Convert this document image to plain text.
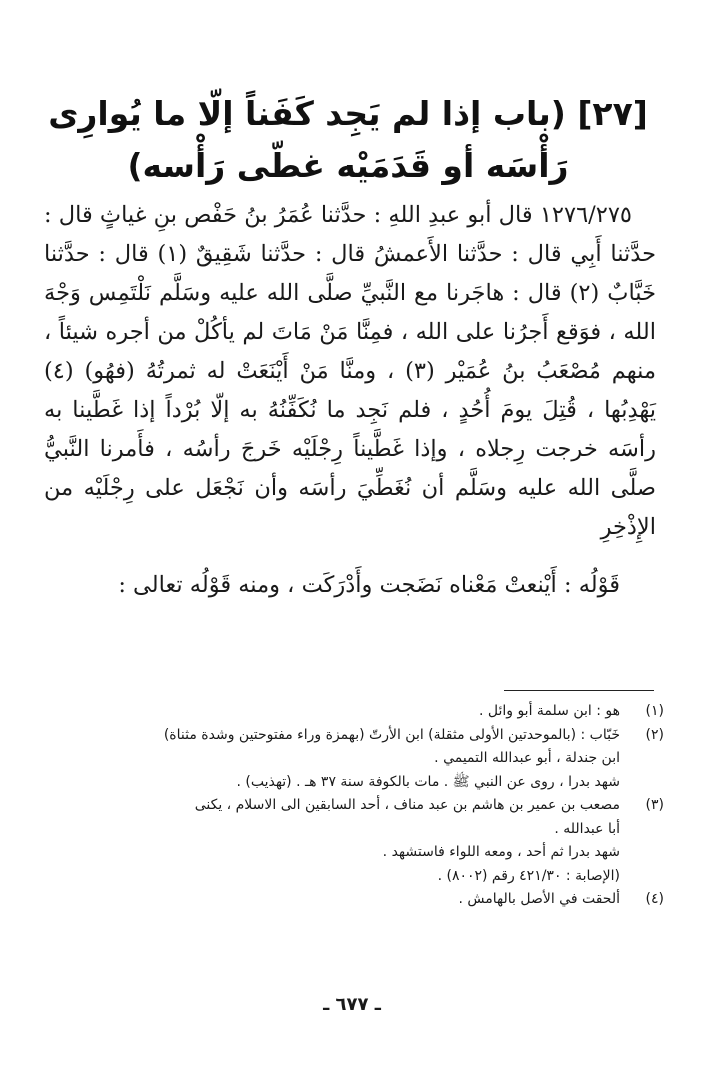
[٢٧] (باب إذا لم يَجِد كَفَناً إلّا ما يُوارِى رَأْسَه أو قَدَمَيْه غطّى رَأْسه)

١٢٧٦/٢٧٥ قال أبو عبدِ اللهِ : حدَّثنا عُمَرُ بنُ حَفْص بنِ غياثٍ قال : حدَّثنا أَبِي قال : حدَّثنا الأَعمشُ قال : حدَّثنا شَقِيقٌ (١) قال : حدَّثنا خَبَّابٌ (٢) قال : هاجَرنا مع النَّبيِّ صلَّى الله عليه وسَلَّم نَلْتَمِس وَجْهَ الله ، فوَقع أَجرُنا على الله ، فمِنَّا مَنْ مَاتَ لم يأكُلْ من أجره شيئاً ، منهم مُصْعَبُ بنُ عُمَيْر (٣) ، ومنَّا مَنْ أَيْنَعَتْ له ثمرتُهُ (فهُو) (٤) يَهْدِبُها ، قُتِلَ يومَ أُحُدٍ ، فلم نَجِد ما نُكَفِّنُهُ به إلّا بُرْداً إذا غَطَّينا به رأسَه خرجت رِجلاه ، وإذا غَطَّيناً رِجْلَيْه خَرجَ رأسُه ، فأَمرنا النَّبيُّ صلَّى الله عليه وسَلَّم أن نُغَطِّيَ رأسَه وأن نَجْعَل على رِجْلَيْه من الإِذْخِرِ

قَوْلُه : أَيْنعتْ مَعْناه نَضَجت وأَدْرَكَت ، ومنه قَوْلُه تعالى :
(١)
هو : ابن سلمة أبو وائل .
(٢)
خَبّاب : (بالموحدتين الأولى مثقلة) ابن الأرتّ (بهمزة وراء مفتوحتين وشدة مثناة)
ابن جندلة ، أبو عبدالله التميمي .
شهد بدرا ، روى عن النبي ﷺ . مات بالكوفة سنة ٣٧ هـ . (تهذيب) .
(٣)
مصعب بن عمير بن هاشم بن عبد مناف ، أحد السابقين الى الاسلام ، يكنى
أبا عبدالله .
شهد بدرا ثم أحد ، ومعه اللواء فاستشهد .
(الإصابة : ٤٢١/٣٠ رقم (٨٠٠٢) .
(٤)
ألحقت في الأصل بالهامش .
ـ ٦٧٧ ـ
